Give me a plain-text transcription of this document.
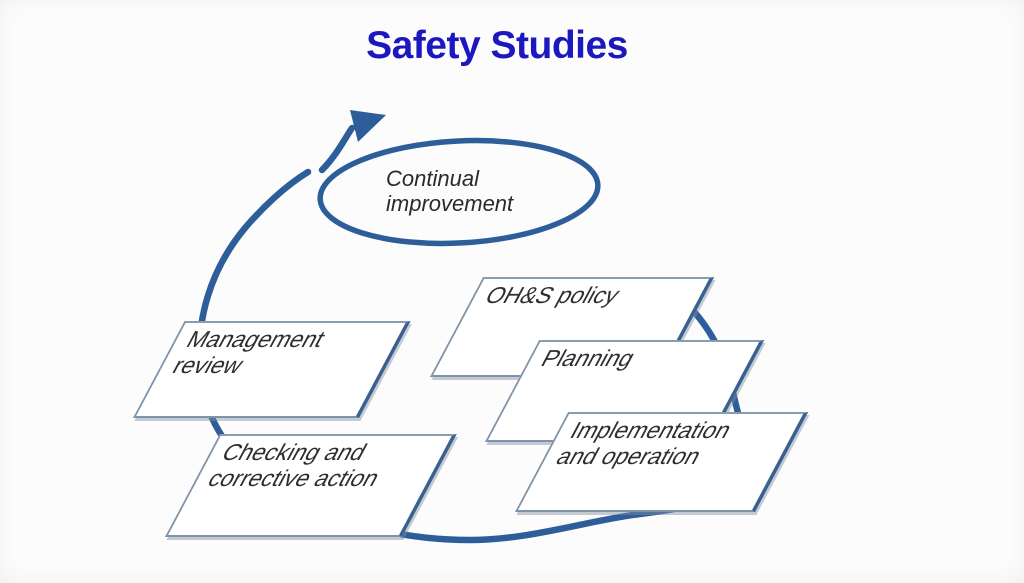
Safety Studies
Continual
improvement
OH&S policy
Planning
Implementation
and operation
Management
review
Checking and
corrective action
